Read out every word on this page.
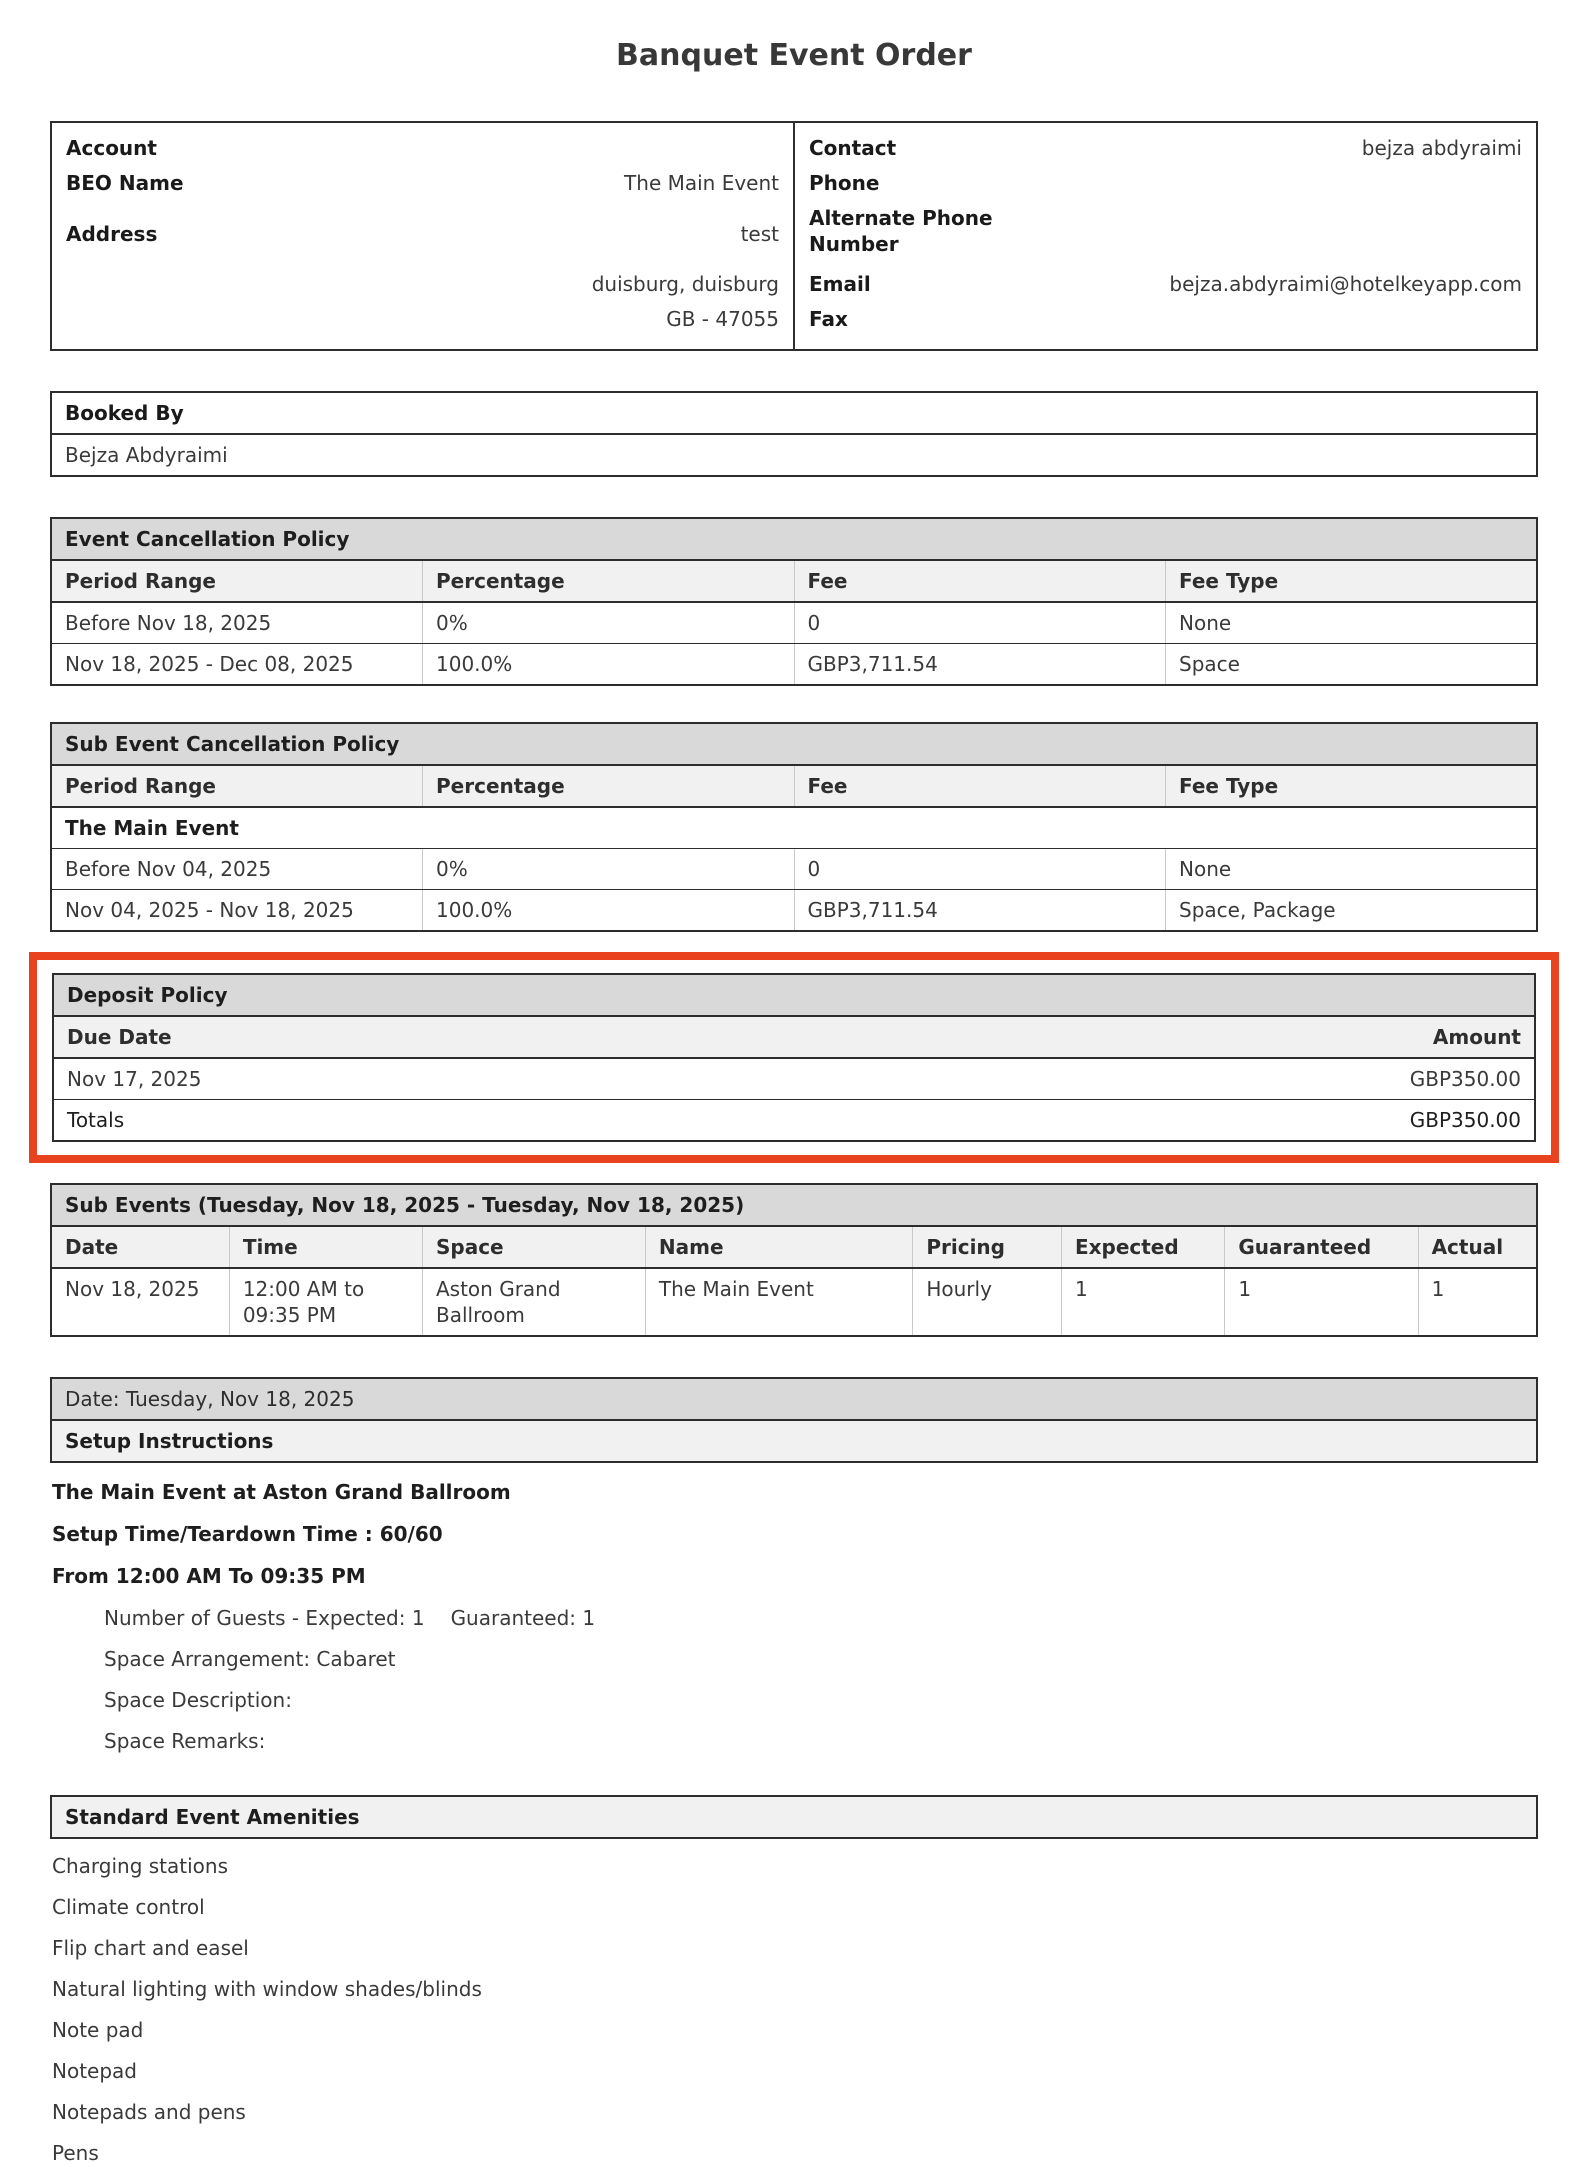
Banquet Event Order
Account
BEO Name	The Main Event
Address	test
duisburg, duisburg
GB - 47055

Contact	bejza abdyraimi
Phone
Alternate Phone Number
Email	bejza.abdyraimi@hotelkeyapp.com
Fax
Booked By
Bejza Abdyraimi
Event Cancellation Policy			
Period Range	Percentage	Fee	Fee Type
Before Nov 18, 2025	0%	0	None
Nov 18, 2025 - Dec 08, 2025	100.0%	GBP3,711.54	Space
Sub Event Cancellation Policy			
Period Range	Percentage	Fee	Fee Type
The Main Event			
Before Nov 04, 2025	0%	0	None
Nov 04, 2025 - Nov 18, 2025	100.0%	GBP3,711.54	Space, Package
Deposit Policy	
Due Date	Amount
Nov 17, 2025	GBP350.00
Totals	GBP350.00
Sub Events (Tuesday, Nov 18, 2025 - Tuesday, Nov 18, 2025)							
Date	Time	Space	Name	Pricing	Expected	Guaranteed	Actual
Nov 18, 2025	12:00 AM to 09:35 PM	Aston Grand Ballroom	The Main Event	Hourly	1	1	1
Date: Tuesday, Nov 18, 2025
Setup Instructions
The Main Event at Aston Grand Ballroom
Setup Time/Teardown Time : 60/60
From 12:00 AM To 09:35 PM
Number of Guests - Expected: 1 Guaranteed: 1
Space Arrangement: Cabaret
Space Description:
Space Remarks:
Standard Event Amenities
Charging stations
Climate control
Flip chart and easel
Natural lighting with window shades/blinds
Note pad
Notepad
Notepads and pens
Pens
